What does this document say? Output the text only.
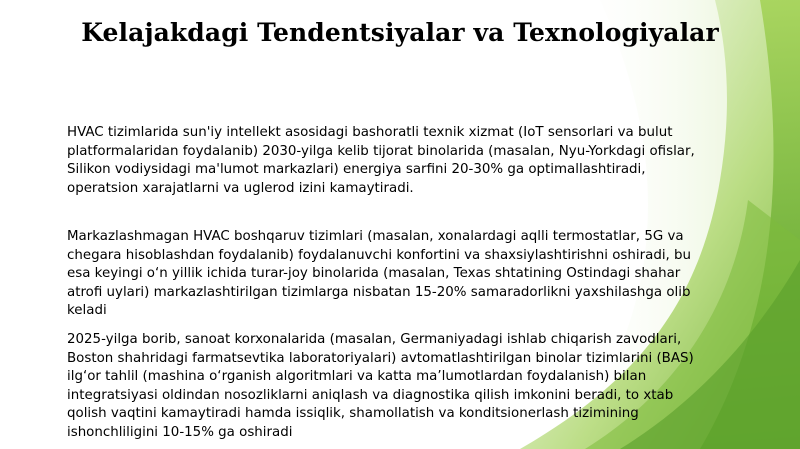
Kelajakdagi Tendentsiyalar va Texnologiyalar

HVAC tizimlarida sun'iy intellekt asosidagi bashoratli texnik xizmat (IoT sensorlari va bulut
platformalaridan foydalanib) 2030-yilga kelib tijorat binolarida (masalan, Nyu-Yorkdagi ofislar,
Silikon vodiysidagi ma'lumot markazlari) energiya sarfini 20-30% ga optimallashtiradi,
operatsion xarajatlarni va uglerod izini kamaytiradi.

Markazlashmagan HVAC boshqaruv tizimlari (masalan, xonalardagi aqlli termostatlar, 5G va
chegara hisoblashdan foydalanib) foydalanuvchi konfortini va shaxsiylashtirishni oshiradi, bu
esa keyingi o‘n yillik ichida turar-joy binolarida (masalan, Texas shtatining Ostindagi shahar
atrofi uylari) markazlashtirilgan tizimlarga nisbatan 15-20% samaradorlikni yaxshilashga olib
keladi

2025-yilga borib, sanoat korxonalarida (masalan, Germaniyadagi ishlab chiqarish zavodlari,
Boston shahridagi farmatsevtika laboratoriyalari) avtomatlashtirilgan binolar tizimlarini (BAS)
ilg‘or tahlil (mashina o‘rganish algoritmlari va katta ma’lumotlardan foydalanish) bilan
integratsiyasi oldindan nosozliklarni aniqlash va diagnostika qilish imkonini beradi, to xtab
qolish vaqtini kamaytiradi hamda issiqlik, shamollatish va konditsionerlash tizimining
ishonchliligini 10-15% ga oshiradi
